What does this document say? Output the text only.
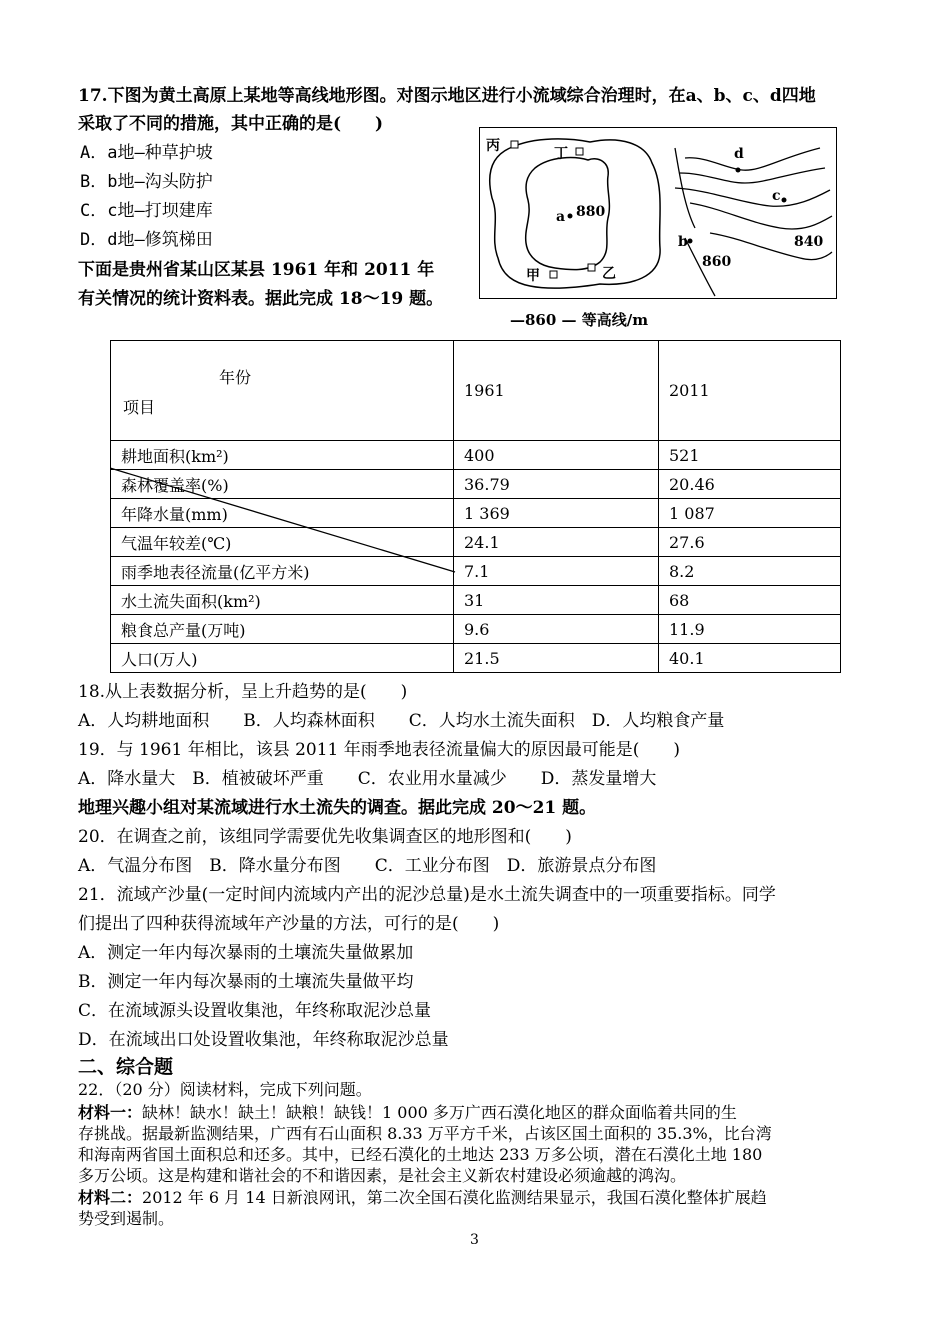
17.下图为黄土高原上某地等高线地形图。对图示地区进行小流域综合治理时，在a、b、c、d四地
采取了不同的措施，其中正确的是(　　)
A．a地—种草护坡
B．b地—沟头防护
C．c地—打坝建库
D．d地—修筑梯田
下面是贵州省某山区某县 1961 年和 2011 年
有关情况的统计资料表。据此完成 18～19 题。
丙	丁
甲	乙
a 880
b
860
c
d
840
—860 — 等高线/m
年份
项目	1961	2011
耕地面积(km²)	400	521
森林覆盖率(%)	36.79	20.46
年降水量(mm)	1 369	1 087
气温年较差(℃)	24.1	27.6
雨季地表径流量(亿平方米)	7.1	8.2
水土流失面积(km²)	31	68
粮食总产量(万吨)	9.6	11.9
人口(万人)	21.5	40.1
18.从上表数据分析，呈上升趋势的是(　　)
A．人均耕地面积　　B．人均森林面积　　C．人均水土流失面积　D．人均粮食产量
19．与 1961 年相比，该县 2011 年雨季地表径流量偏大的原因最可能是(　　)
A．降水量大　B．植被破坏严重　　C．农业用水量减少　　D．蒸发量增大
地理兴趣小组对某流域进行水土流失的调查。据此完成 20～21 题。
20．在调查之前，该组同学需要优先收集调查区的地形图和(　　)
A．气温分布图　B．降水量分布图　　C．工业分布图　D．旅游景点分布图
21．流域产沙量(一定时间内流域内产出的泥沙总量)是水土流失调查中的一项重要指标。同学
们提出了四种获得流域年产沙量的方法，可行的是(　　)
A．测定一年内每次暴雨的土壤流失量做累加
B．测定一年内每次暴雨的土壤流失量做平均
C．在流域源头设置收集池，年终称取泥沙总量
D．在流域出口处设置收集池，年终称取泥沙总量
二、综合题
22．（20 分）阅读材料，完成下列问题。
材料一：缺林！缺水！缺土！缺粮！缺钱！1 000 多万广西石漠化地区的群众面临着共同的生
存挑战。据最新监测结果，广西有石山面积 8.33 万平方千米，占该区国土面积的 35.3%，比台湾
和海南两省国土面积总和还多。其中，已经石漠化的土地达 233 万多公顷，潜在石漠化土地 180
多万公顷。这是构建和谐社会的不和谐因素，是社会主义新农村建设必须逾越的鸿沟。
材料二：2012 年 6 月 14 日新浪网讯，第二次全国石漠化监测结果显示，我国石漠化整体扩展趋
势受到遏制。
3
